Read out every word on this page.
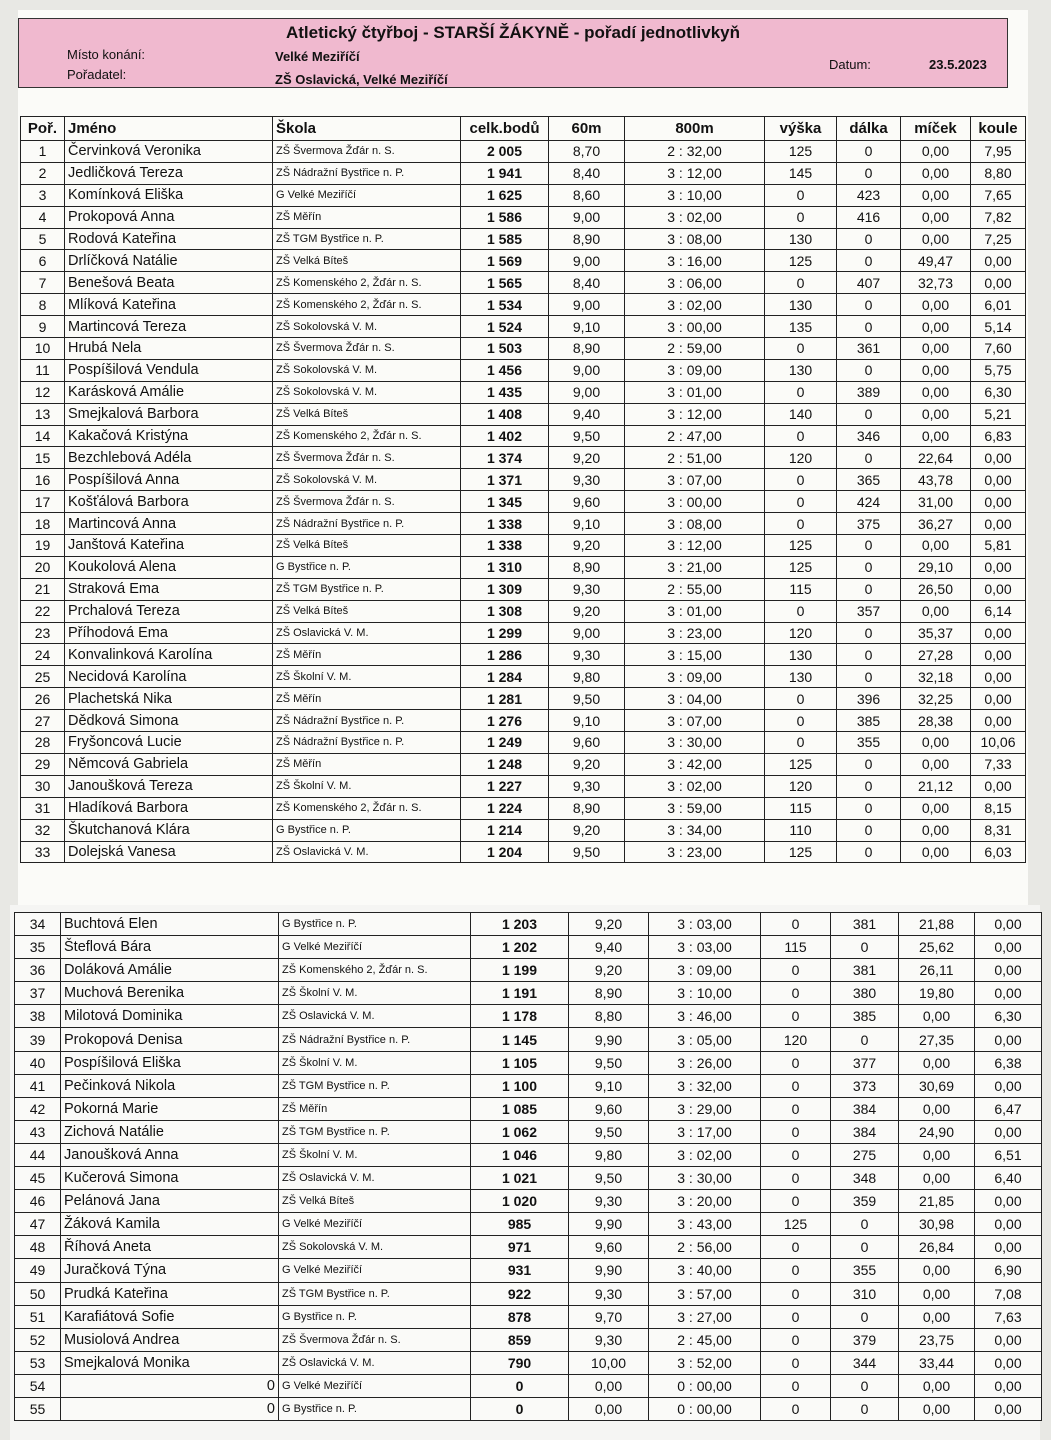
Atletický čtyřboj - STARŠÍ ŽÁKYNĚ - pořadí jednotlivkyň
Místo konání:	Velké Meziříčí
Pořadatel:	ZŠ Oslavická, Velké Meziříčí
Datum:	23.5.2023
Poř.	Jméno	Škola	celk.bodů	60m	800m	výška	dálka	míček	koule
1	Červinková Veronika	ZŠ Švermova Žďár n. S.	2 005	8,70	2 : 32,00	125	0	0,00	7,95
2	Jedličková Tereza	ZŠ Nádražní Bystřice n. P.	1 941	8,40	3 : 12,00	145	0	0,00	8,80
3	Komínková Eliška	G Velké Meziříčí	1 625	8,60	3 : 10,00	0	423	0,00	7,65
4	Prokopová Anna	ZŠ Měřín	1 586	9,00	3 : 02,00	0	416	0,00	7,82
5	Rodová Kateřina	ZŠ TGM Bystřice n. P.	1 585	8,90	3 : 08,00	130	0	0,00	7,25
6	Drlíčková Natálie	ZŠ Velká Bíteš	1 569	9,00	3 : 16,00	125	0	49,47	0,00
7	Benešová Beata	ZŠ Komenského 2, Žďár n. S.	1 565	8,40	3 : 06,00	0	407	32,73	0,00
8	Mlíková Kateřina	ZŠ Komenského 2, Žďár n. S.	1 534	9,00	3 : 02,00	130	0	0,00	6,01
9	Martincová Tereza	ZŠ Sokolovská V. M.	1 524	9,10	3 : 00,00	135	0	0,00	5,14
10	Hrubá Nela	ZŠ Švermova Žďár n. S.	1 503	8,90	2 : 59,00	0	361	0,00	7,60
11	Pospíšilová Vendula	ZŠ Sokolovská V. M.	1 456	9,00	3 : 09,00	130	0	0,00	5,75
12	Karásková Amálie	ZŠ Sokolovská V. M.	1 435	9,00	3 : 01,00	0	389	0,00	6,30
13	Smejkalová Barbora	ZŠ Velká Bíteš	1 408	9,40	3 : 12,00	140	0	0,00	5,21
14	Kakačová Kristýna	ZŠ Komenského 2, Žďár n. S.	1 402	9,50	2 : 47,00	0	346	0,00	6,83
15	Bezchlebová Adéla	ZŠ Švermova Žďár n. S.	1 374	9,20	2 : 51,00	120	0	22,64	0,00
16	Pospíšilová Anna	ZŠ Sokolovská V. M.	1 371	9,30	3 : 07,00	0	365	43,78	0,00
17	Košťálová Barbora	ZŠ Švermova Žďár n. S.	1 345	9,60	3 : 00,00	0	424	31,00	0,00
18	Martincová Anna	ZŠ Nádražní Bystřice n. P.	1 338	9,10	3 : 08,00	0	375	36,27	0,00
19	Janštová Kateřina	ZŠ Velká Bíteš	1 338	9,20	3 : 12,00	125	0	0,00	5,81
20	Koukolová Alena	G Bystřice n. P.	1 310	8,90	3 : 21,00	125	0	29,10	0,00
21	Straková Ema	ZŠ TGM Bystřice n. P.	1 309	9,30	2 : 55,00	115	0	26,50	0,00
22	Prchalová Tereza	ZŠ Velká Bíteš	1 308	9,20	3 : 01,00	0	357	0,00	6,14
23	Příhodová Ema	ZŠ Oslavická V. M.	1 299	9,00	3 : 23,00	120	0	35,37	0,00
24	Konvalinková Karolína	ZŠ Měřín	1 286	9,30	3 : 15,00	130	0	27,28	0,00
25	Necidová Karolína	ZŠ Školní V. M.	1 284	9,80	3 : 09,00	130	0	32,18	0,00
26	Plachetská Nika	ZŠ Měřín	1 281	9,50	3 : 04,00	0	396	32,25	0,00
27	Dědková Simona	ZŠ Nádražní Bystřice n. P.	1 276	9,10	3 : 07,00	0	385	28,38	0,00
28	Fryšoncová Lucie	ZŠ Nádražní Bystřice n. P.	1 249	9,60	3 : 30,00	0	355	0,00	10,06
29	Němcová Gabriela	ZŠ Měřín	1 248	9,20	3 : 42,00	125	0	0,00	7,33
30	Janoušková Tereza	ZŠ Školní V. M.	1 227	9,30	3 : 02,00	120	0	21,12	0,00
31	Hladíková Barbora	ZŠ Komenského 2, Žďár n. S.	1 224	8,90	3 : 59,00	115	0	0,00	8,15
32	Škutchanová Klára	G Bystřice n. P.	1 214	9,20	3 : 34,00	110	0	0,00	8,31
33	Dolejská Vanesa	ZŠ Oslavická V. M.	1 204	9,50	3 : 23,00	125	0	0,00	6,03
34	Buchtová Elen	G Bystřice n. P.	1 203	9,20	3 : 03,00	0	381	21,88	0,00
35	Šteflová Bára	G Velké Meziříčí	1 202	9,40	3 : 03,00	115	0	25,62	0,00
36	Doláková Amálie	ZŠ Komenského 2, Žďár n. S.	1 199	9,20	3 : 09,00	0	381	26,11	0,00
37	Muchová Berenika	ZŠ Školní V. M.	1 191	8,90	3 : 10,00	0	380	19,80	0,00
38	Milotová Dominika	ZŠ Oslavická V. M.	1 178	8,80	3 : 46,00	0	385	0,00	6,30
39	Prokopová Denisa	ZŠ Nádražní Bystřice n. P.	1 145	9,90	3 : 05,00	120	0	27,35	0,00
40	Pospíšilová Eliška	ZŠ Školní V. M.	1 105	9,50	3 : 26,00	0	377	0,00	6,38
41	Pečinková Nikola	ZŠ TGM Bystřice n. P.	1 100	9,10	3 : 32,00	0	373	30,69	0,00
42	Pokorná Marie	ZŠ Měřín	1 085	9,60	3 : 29,00	0	384	0,00	6,47
43	Zichová Natálie	ZŠ TGM Bystřice n. P.	1 062	9,50	3 : 17,00	0	384	24,90	0,00
44	Janoušková Anna	ZŠ Školní V. M.	1 046	9,80	3 : 02,00	0	275	0,00	6,51
45	Kučerová Simona	ZŠ Oslavická V. M.	1 021	9,50	3 : 30,00	0	348	0,00	6,40
46	Pelánová Jana	ZŠ Velká Bíteš	1 020	9,30	3 : 20,00	0	359	21,85	0,00
47	Žáková Kamila	G Velké Meziříčí	985	9,90	3 : 43,00	125	0	30,98	0,00
48	Říhová Aneta	ZŠ Sokolovská V. M.	971	9,60	2 : 56,00	0	0	26,84	0,00
49	Juračková Týna	G Velké Meziříčí	931	9,90	3 : 40,00	0	355	0,00	6,90
50	Prudká Kateřina	ZŠ TGM Bystřice n. P.	922	9,30	3 : 57,00	0	310	0,00	7,08
51	Karafiátová Sofie	G Bystřice n. P.	878	9,70	3 : 27,00	0	0	0,00	7,63
52	Musiolová Andrea	ZŠ Švermova Žďár n. S.	859	9,30	2 : 45,00	0	379	23,75	0,00
53	Smejkalová Monika	ZŠ Oslavická V. M.	790	10,00	3 : 52,00	0	344	33,44	0,00
54	0	G Velké Meziříčí	0	0,00	0 : 00,00	0	0	0,00	0,00
55	0	G Bystřice n. P.	0	0,00	0 : 00,00	0	0	0,00	0,00
